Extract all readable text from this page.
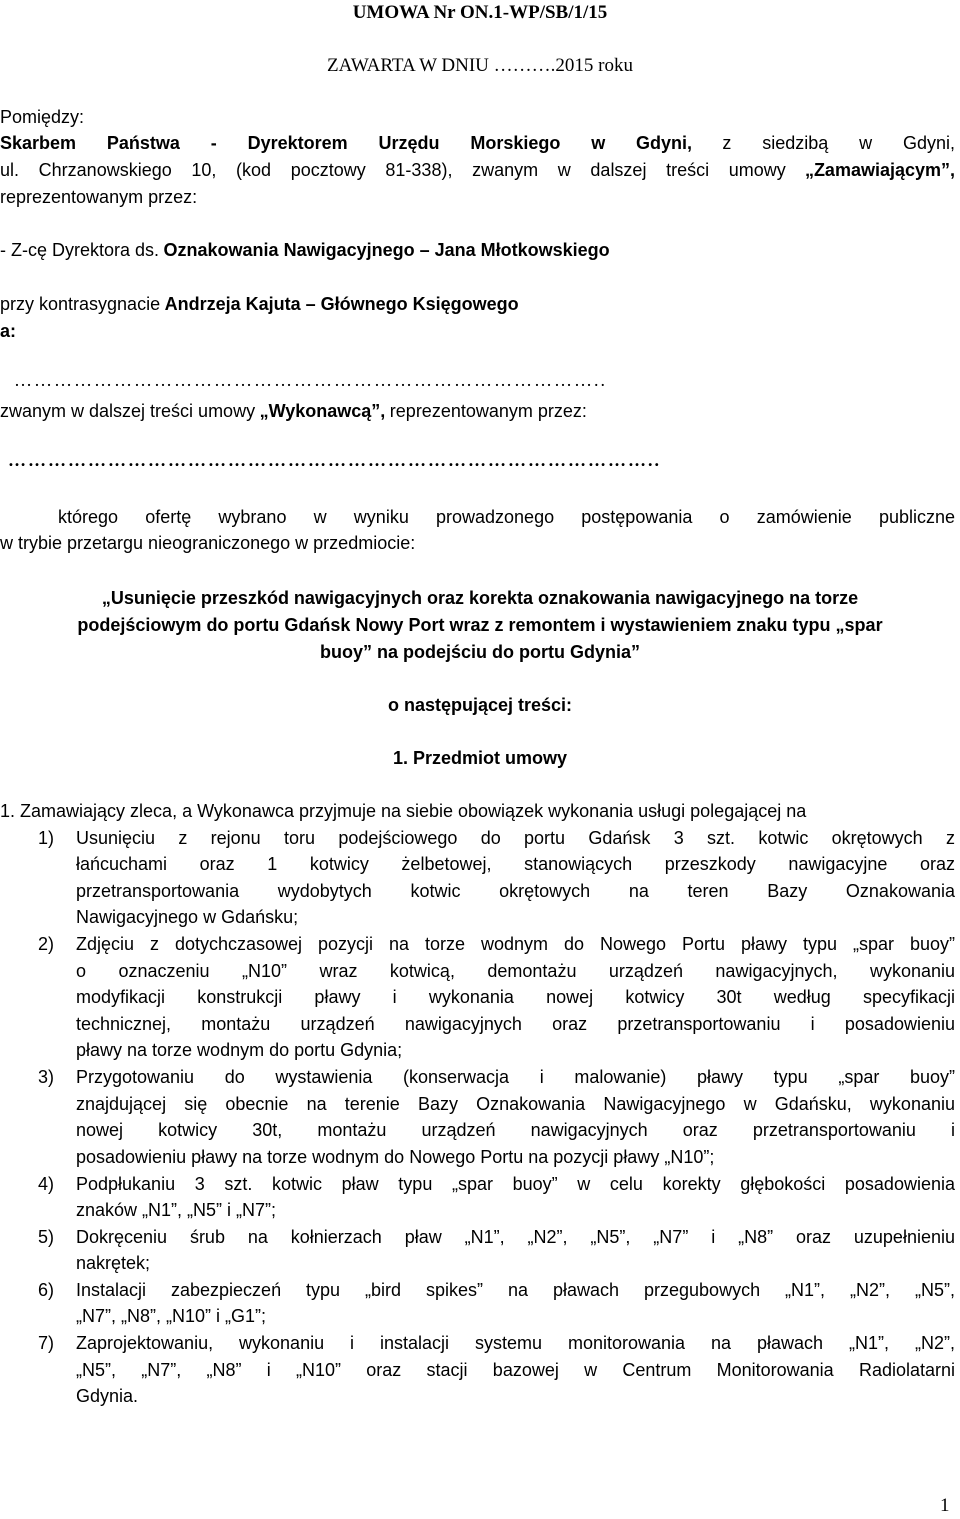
UMOWA Nr ON.1-WP/SB/1/15
ZAWARTA W DNIU ……….2015 roku
Pomiędzy:
Skarbem Państwa - Dyrektorem Urzędu Morskiego w Gdyni, z siedzibą w Gdyni,
ul. Chrzanowskiego 10, (kod pocztowy 81-338), zwanym w dalszej treści umowy „Zamawiającym”,
reprezentowanym przez:
- Z-cę Dyrektora ds. Oznakowania Nawigacyjnego – Jana Młotkowskiego
przy kontrasygnacie Andrzeja Kajuta – Głównego Księgowego
a:
……………………………………………………………………………..
zwanym w dalszej treści umowy „Wykonawcą”, reprezentowanym przez:
……………………………………………………………………………………..
którego ofertę wybrano w wyniku prowadzonego postępowania o zamówienie publiczne
w trybie przetargu nieograniczonego w przedmiocie:
„Usunięcie przeszkód nawigacyjnych oraz korekta oznakowania nawigacyjnego na torze
podejściowym do portu Gdańsk Nowy Port wraz z remontem i wystawieniem znaku typu „spar
buoy” na podejściu do portu Gdynia”
o następującej treści:
1. Przedmiot umowy
1. Zamawiający zleca, a Wykonawca przyjmuje na siebie obowiązek wykonania usługi polegającej na
1) Usunięciu z rejonu toru podejściowego do portu Gdańsk 3 szt. kotwic okrętowych z
łańcuchami oraz 1 kotwicy żelbetowej, stanowiących przeszkody nawigacyjne oraz
przetransportowania wydobytych kotwic okrętowych na teren Bazy Oznakowania
Nawigacyjnego w Gdańsku;
2) Zdjęciu z dotychczasowej pozycji na torze wodnym do Nowego Portu pławy typu „spar buoy”
o oznaczeniu „N10” wraz kotwicą, demontażu urządzeń nawigacyjnych, wykonaniu
modyfikacji konstrukcji pławy i wykonania nowej kotwicy 30t według specyfikacji
technicznej, montażu urządzeń nawigacyjnych oraz przetransportowaniu i posadowieniu
pławy na torze wodnym do portu Gdynia;
3) Przygotowaniu do wystawienia (konserwacja i malowanie) pławy typu „spar buoy”
znajdującej się obecnie na terenie Bazy Oznakowania Nawigacyjnego w Gdańsku, wykonaniu
nowej kotwicy 30t, montażu urządzeń nawigacyjnych oraz przetransportowaniu i
posadowieniu pławy na torze wodnym do Nowego Portu na pozycji pławy „N10”;
4) Podpłukaniu 3 szt. kotwic pław typu „spar buoy” w celu korekty głębokości posadowienia
znaków „N1”, „N5” i „N7”;
5) Dokręceniu śrub na kołnierzach pław „N1”, „N2”, „N5”, „N7” i „N8” oraz uzupełnieniu
nakrętek;
6) Instalacji zabezpieczeń typu „bird spikes” na pławach przegubowych „N1”, „N2”, „N5”,
„N7”, „N8”, „N10” i „G1”;
7) Zaprojektowaniu, wykonaniu i instalacji systemu monitorowania na pławach „N1”, „N2”,
„N5”, „N7”, „N8” i „N10” oraz stacji bazowej w Centrum Monitorowania Radiolatarni
Gdynia.
1
